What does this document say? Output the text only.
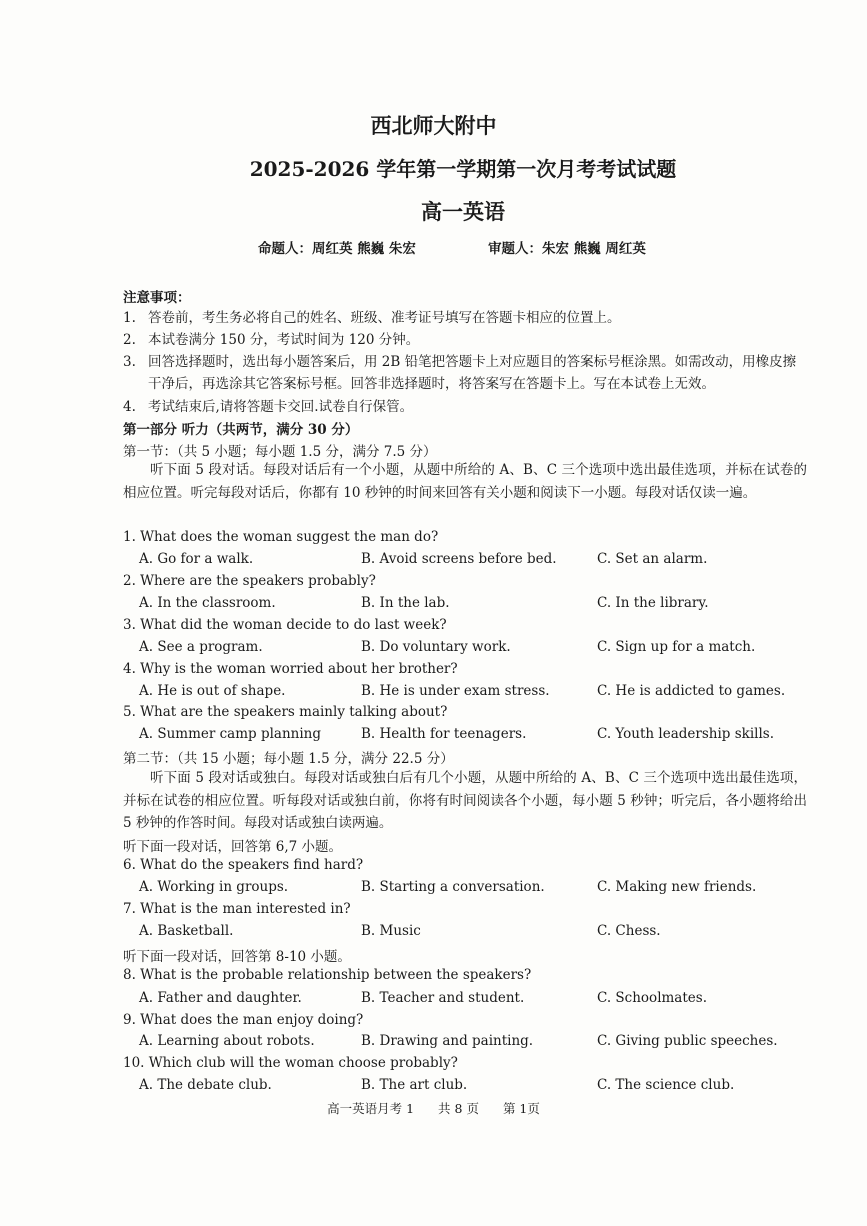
西北师大附中
2025-2026 学年第一学期第一次月考考试试题
高一英语
命题人：周红英 熊巍 朱宏	审题人：朱宏 熊巍 周红英
注意事项：
1. 答卷前，考生务必将自己的姓名、班级、准考证号填写在答题卡相应的位置上。
2. 本试卷满分 150 分，考试时间为 120 分钟。
3. 回答选择题时，选出每小题答案后，用 2B 铅笔把答题卡上对应题目的答案标号框涂黑。如需改动，用橡皮擦干净后，再选涂其它答案标号框。回答非选择题时，将答案写在答题卡上。写在本试卷上无效。
4. 考试结束后,请将答题卡交回.试卷自行保管。
第一部分 听力（共两节，满分 30 分）
第一节：（共 5 小题；每小题 1.5 分，满分 7.5 分）
听下面 5 段对话。每段对话后有一个小题，从题中所给的 A、B、C 三个选项中选出最佳选项，并标在试卷的相应位置。听完每段对话后，你都有 10 秒钟的时间来回答有关小题和阅读下一小题。每段对话仅读一遍。
1. What does the woman suggest the man do?
A. Go for a walk.	B. Avoid screens before bed.	C. Set an alarm.
2. Where are the speakers probably?
A. In the classroom.	B. In the lab.	C. In the library.
3. What did the woman decide to do last week?
A. See a program.	B. Do voluntary work.	C. Sign up for a match.
4. Why is the woman worried about her brother?
A. He is out of shape.	B. He is under exam stress.	C. He is addicted to games.
5. What are the speakers mainly talking about?
A. Summer camp planning	B. Health for teenagers.	C. Youth leadership skills.
第二节：（共 15 小题；每小题 1.5 分，满分 22.5 分）
听下面 5 段对话或独白。每段对话或独白后有几个小题，从题中所给的 A、B、C 三个选项中选出最佳选项，并标在试卷的相应位置。听每段对话或独白前，你将有时间阅读各个小题，每小题 5 秒钟；听完后，各小题将给出 5 秒钟的作答时间。每段对话或独白读两遍。
听下面一段对话，回答第 6,7 小题。
6. What do the speakers find hard?
A. Working in groups.	B. Starting a conversation.	C. Making new friends.
7. What is the man interested in?
A. Basketball.	B. Music	C. Chess.
听下面一段对话，回答第 8-10 小题。
8. What is the probable relationship between the speakers?
A. Father and daughter.	B. Teacher and student.	C. Schoolmates.
9. What does the man enjoy doing?
A. Learning about robots.	B. Drawing and painting.	C. Giving public speeches.
10. Which club will the woman choose probably?
A. The debate club.	B. The art club.	C. The science club.
高一英语月考 1 共 8 页 第 1页
